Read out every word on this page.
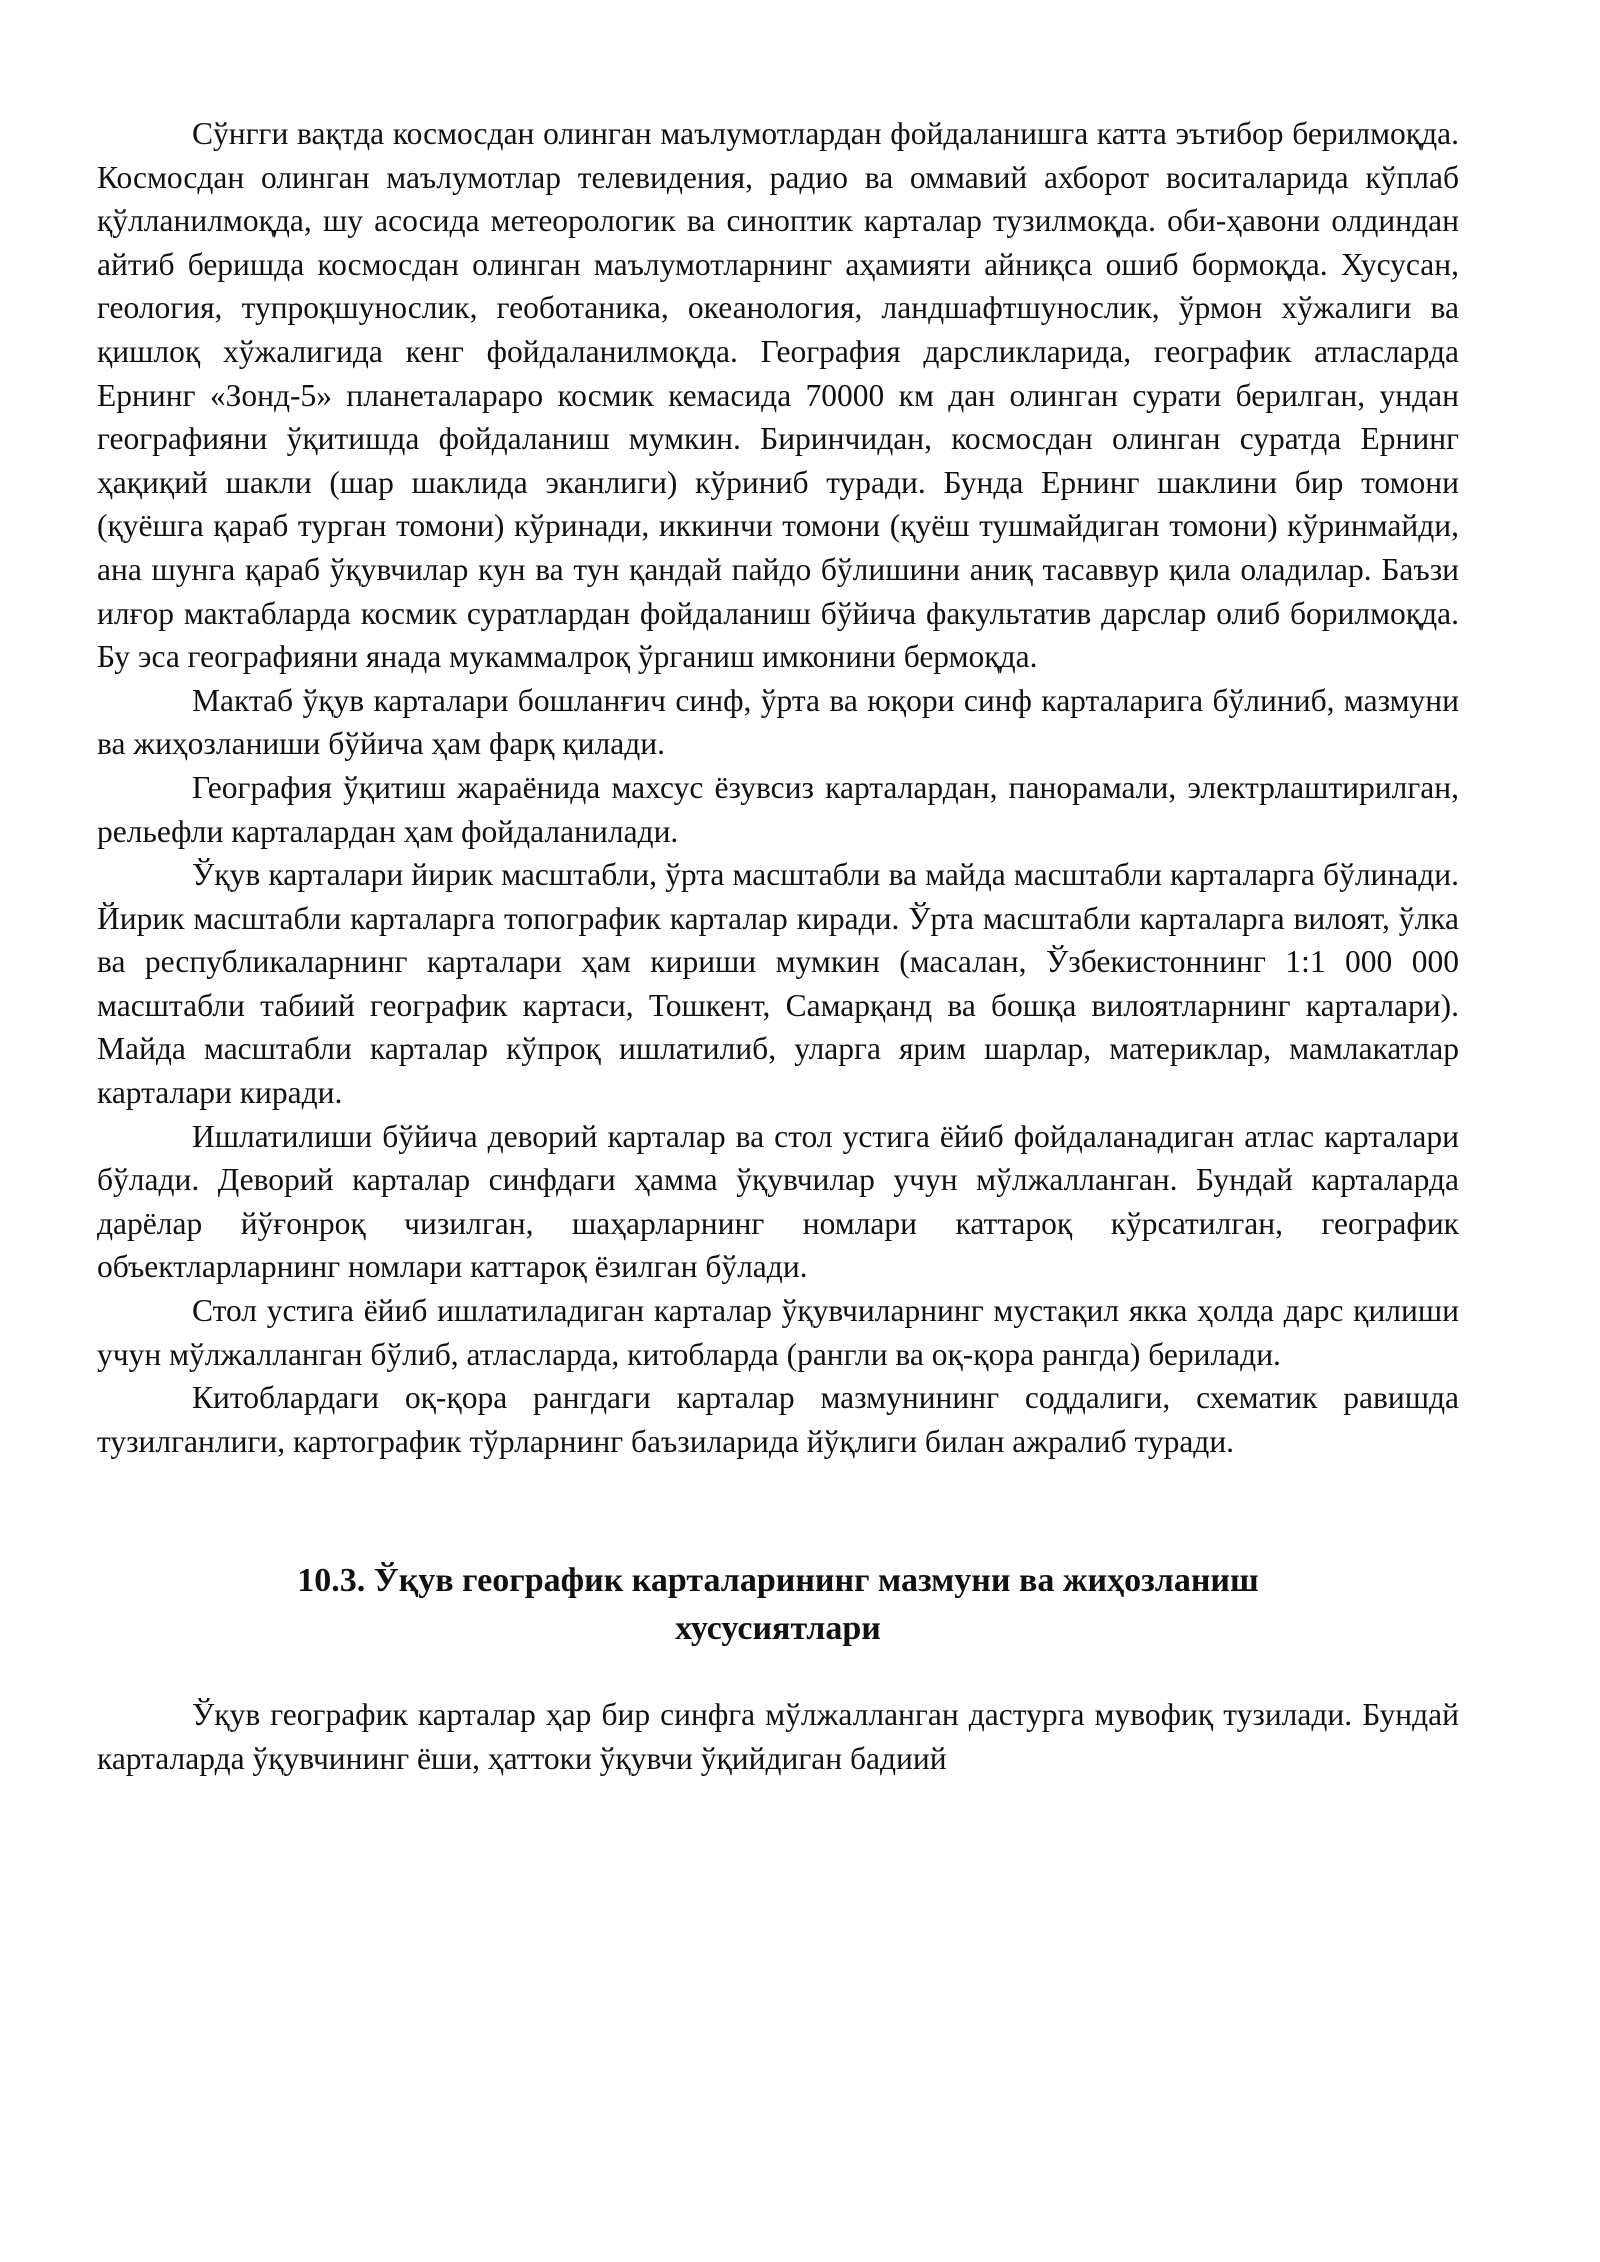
Сўнгги вақтда космосдан олинган маълумотлардан фойдаланишга катта эътибор берилмоқда. Космосдан олинган маълумотлар телевидения, радио ва оммавий ахборот воситаларида кўплаб қўлланилмоқда, шу асосида метеорологик ва синоптик карталар тузилмоқда. оби-ҳавони олдиндан айтиб беришда космосдан олинган маълумотларнинг аҳамияти айниқса ошиб бормоқда. Хусусан, геология, тупроқшунослик, геоботаника, океанология, ландшафтшунослик, ўрмон хўжалиги ва қишлоқ хўжалигида кенг фойдаланилмоқда. География дарсликларида, географик атласларда Ернинг «Зонд-5» планеталараро космик кемасида 70000 км дан олинган сурати берилган, ундан географияни ўқитишда фойдаланиш мумкин. Биринчидан, космосдан олинган суратда Ернинг ҳақиқий шакли (шар шаклида эканлиги) кўриниб туради. Бунда Ернинг шаклини бир томони (қуёшга қараб турган томони) кўринади, иккинчи томони (қуёш тушмайдиган томони) кўринмайди, ана шунга қараб ўқувчилар кун ва тун қандай пайдо бўлишини аниқ тасаввур қила оладилар. Баъзи илғор мактабларда космик суратлардан фойдаланиш бўйича факультатив дарслар олиб борилмоқда. Бу эса географияни янада мукаммалроқ ўрганиш имконини бермоқда.

Мактаб ўқув карталари бошланғич синф, ўрта ва юқори синф карталарига бўлиниб, мазмуни ва жиҳозланиши бўйича ҳам фарқ қилади.

География ўқитиш жараёнида махсус ёзувсиз карталардан, панорамали, электрлаштирилган, рельефли карталардан ҳам фойдаланилади.

Ўқув карталари йирик масштабли, ўрта масштабли ва майда масштабли карталарга бўлинади. Йирик масштабли карталарга топографик карталар киради. Ўрта масштабли карталарга вилоят, ўлка ва республикаларнинг карталари ҳам кириши мумкин (масалан, Ўзбекистоннинг 1:1 000 000 масштабли табиий географик картаси, Тошкент, Самарқанд ва бошқа вилоятларнинг карталари). Майда масштабли карталар кўпроқ ишлатилиб, уларга ярим шарлар, материклар, мамлакатлар карталари киради.

Ишлатилиши бўйича деворий карталар ва стол устига ёйиб фойдаланадиган атлас карталари бўлади. Деворий карталар синфдаги ҳамма ўқувчилар учун мўлжалланган. Бундай карталарда дарёлар йўғонроқ чизилган, шаҳарларнинг номлари каттароқ кўрсатилган, географик объектларларнинг номлари каттароқ ёзилган бўлади.

Стол устига ёйиб ишлатиладиган карталар ўқувчиларнинг мустақил якка ҳолда дарс қилиши учун мўлжалланган бўлиб, атласларда, китобларда (рангли ва оқ-қора рангда) берилади.

Китоблардаги оқ-қора рангдаги карталар мазмунининг соддалиги, схематик равишда тузилганлиги, картографик тўрларнинг баъзиларида йўқлиги билан ажралиб туради.

10.3. Ўқув географик карталарининг мазмуни ва жиҳозланиш
хусусиятлари

Ўқув географик карталар ҳар бир синфга мўлжалланган дастурга мувофиқ тузилади. Бундай карталарда ўқувчининг ёши, ҳаттоки ўқувчи ўқийдиган бадиий
